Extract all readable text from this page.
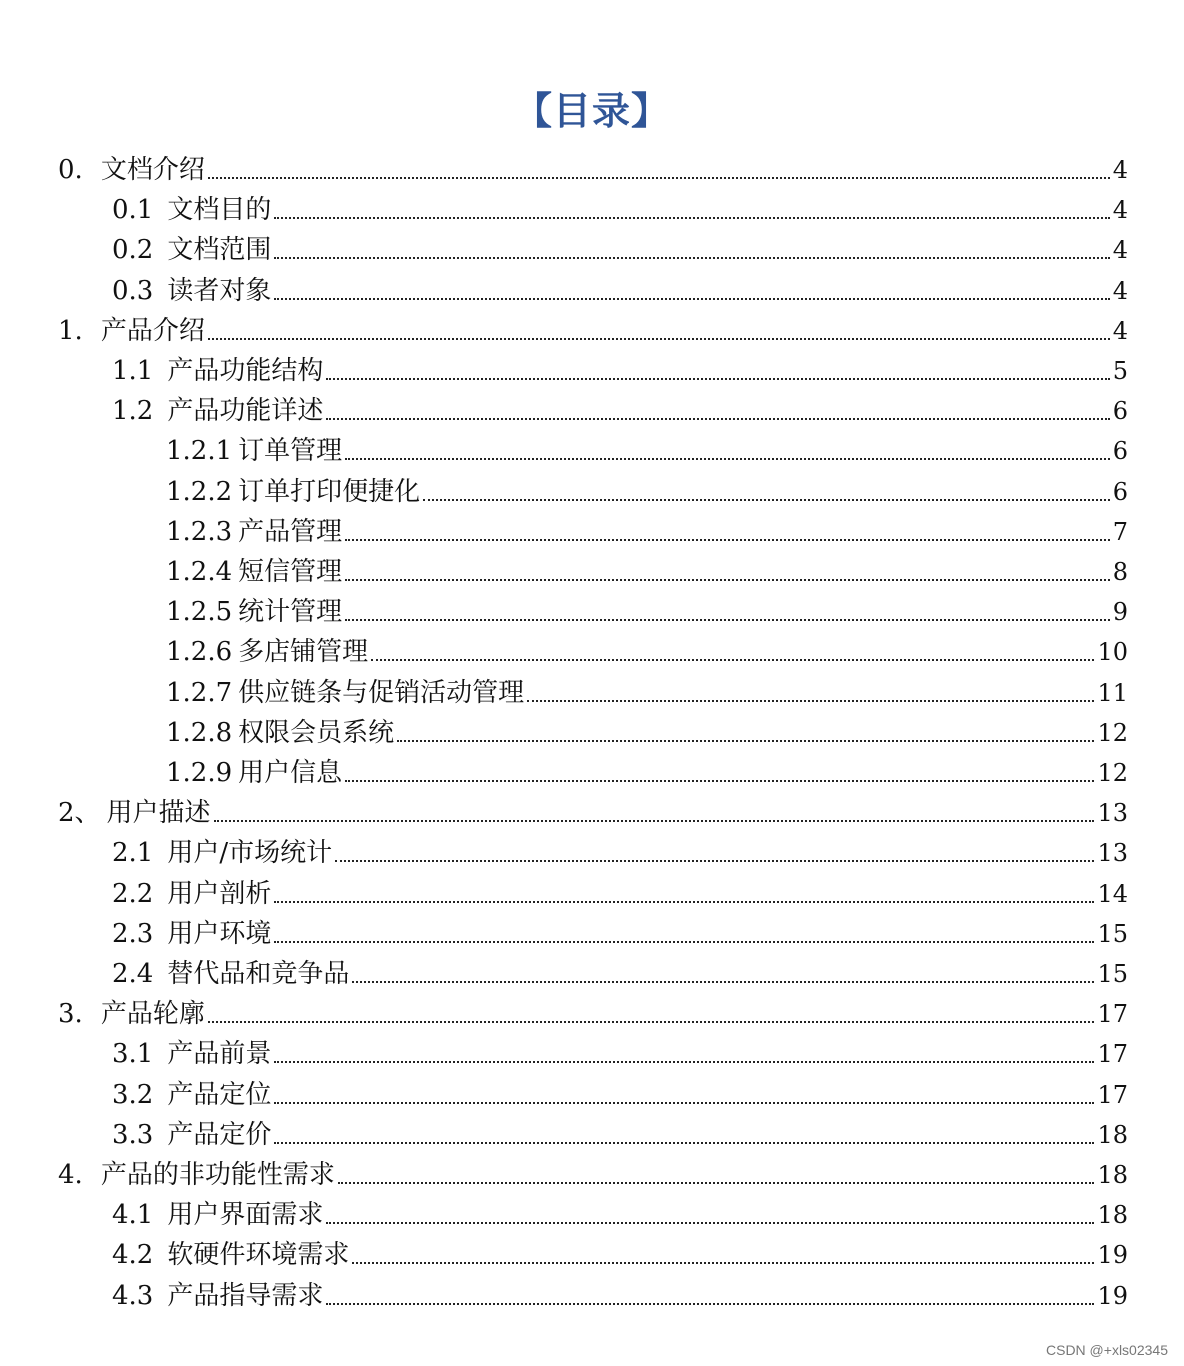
【目录】
0. 文档介绍	4
0.1 文档目的	4
0.2 文档范围	4
0.3 读者对象	4
1. 产品介绍	4
1.1 产品功能结构	5
1.2 产品功能详述	6
1.2.1 订单管理	6
1.2.2 订单打印便捷化	6
1.2.3 产品管理	7
1.2.4 短信管理	8
1.2.5 统计管理	9
1.2.6 多店铺管理	10
1.2.7 供应链条与促销活动管理	11
1.2.8 权限会员系统	12
1.2.9 用户信息	12
2、 用户描述	13
2.1 用户/市场统计	13
2.2 用户剖析	14
2.3 用户环境	15
2.4 替代品和竞争品	15
3. 产品轮廓	17
3.1 产品前景	17
3.2 产品定位	17
3.3 产品定价	18
4. 产品的非功能性需求	18
4.1 用户界面需求	18
4.2 软硬件环境需求	19
4.3 产品指导需求	19
CSDN @+xls02345
